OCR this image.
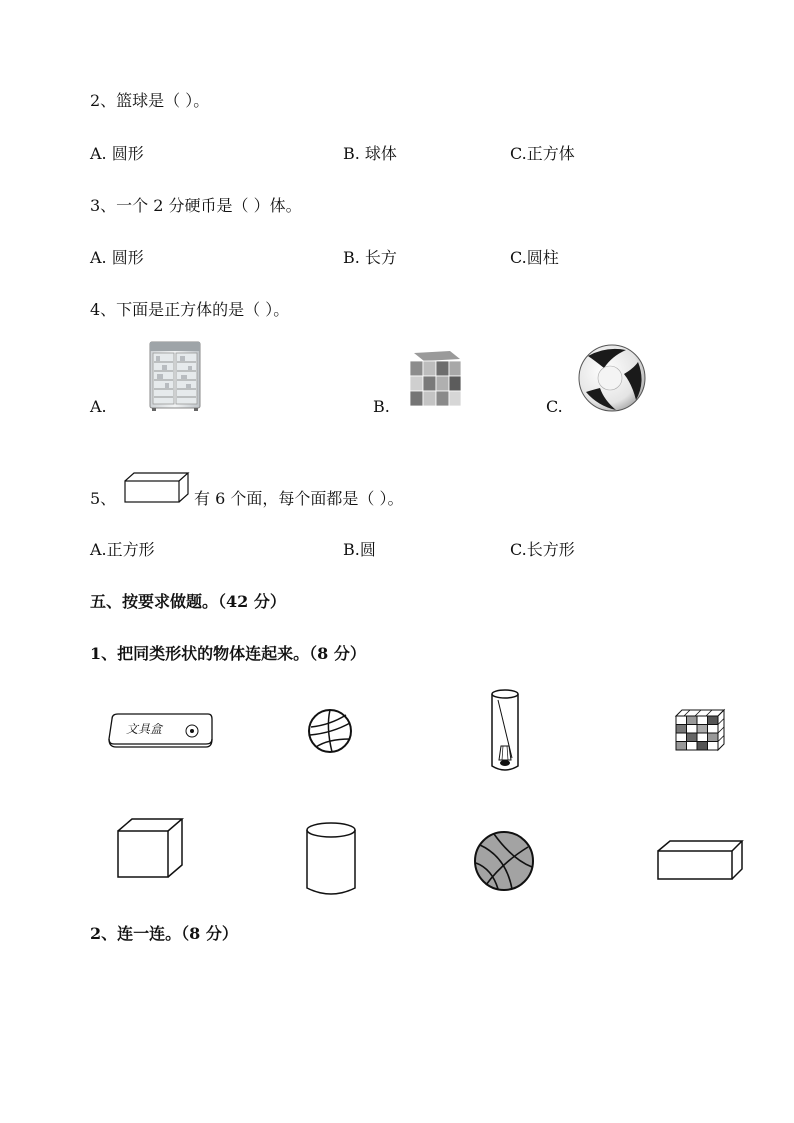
2、篮球是（ ）。
A. 圆形	B. 球体	C.正方体
3、一个 2 分硬币是（ ）体。
A. 圆形	B. 长方	C.圆柱
4、下面是正方体的是（ ）。
A.	B.	C.
5、	有 6 个面，每个面都是（ ）。
A.正方形	B.圆	C.长方形
五、按要求做题。（42 分）
1、把同类形状的物体连起来。（8 分）
文具盒
2、连一连。（8 分）
